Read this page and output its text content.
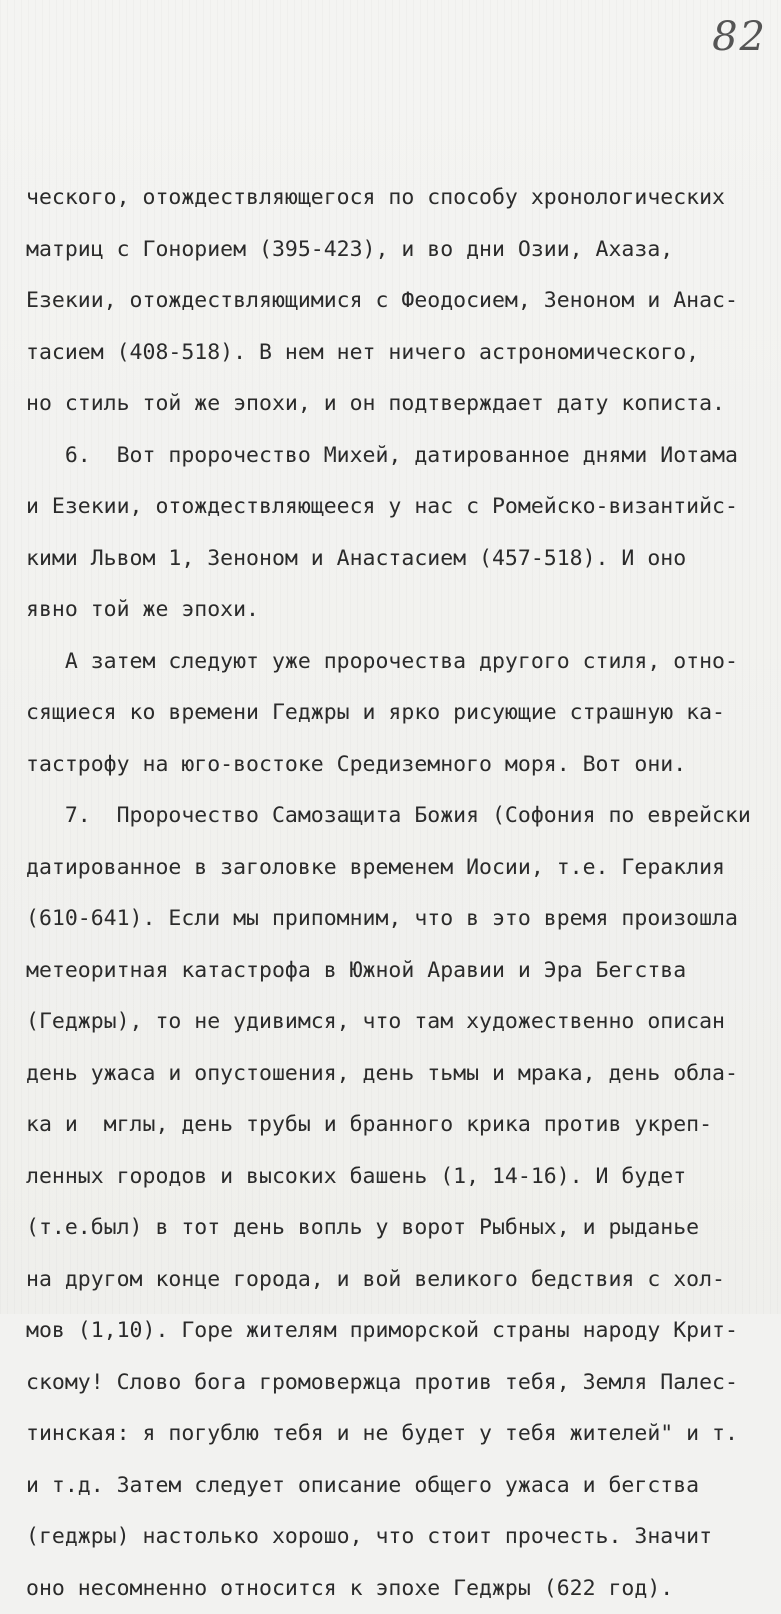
82
ческого, отождествляющегося по способу хронологических
матриц с Гонорием (395-423), и во дни Озии, Ахаза,
Езекии, отождествляющимися с Феодосием, Зеноном и Анас-
тасием (408-518). В нем нет ничего астрономического,
но стиль той же эпохи, и он подтверждает дату кописта.
6.  Вот пророчество Михей, датированное днями Иотама
и Езекии, отождествляющееся у нас с Ромейско-византийс-
кими Львом 1, Зеноном и Анастасием (457-518). И оно
явно той же эпохи.
А затем следуют уже пророчества другого стиля, отно-
сящиеся ко времени Геджры и ярко рисующие страшную ка-
тастрофу на юго-востоке Средиземного моря. Вот они.
7.  Пророчество Самозащита Божия (Софония по еврейски
датированное в заголовке временем Иосии, т.е. Гераклия
(610-641). Если мы припомним, что в это время произошла
метеоритная катастрофа в Южной Аравии и Эра Бегства
(Геджры), то не удивимся, что там художественно описан
день ужаса и опустошения, день тьмы и мрака, день обла-
ка и  мглы, день трубы и бранного крика против укреп-
ленных городов и высоких башень (1, 14-16). И будет
(т.е.был) в тот день вопль у ворот Рыбных, и рыданье
на другом конце города, и вой великого бедствия с хол-
мов (1,10). Горе жителям приморской страны народу Крит-
скому! Слово бога громовержца против тебя, Земля Палес-
тинская: я погублю тебя и не будет у тебя жителей" и т.
и т.д. Затем следует описание общего ужаса и бегства
(геджры) настолько хорошо, что стоит прочесть. Значит
оно несомненно относится к эпохе Геджры (622 год).
